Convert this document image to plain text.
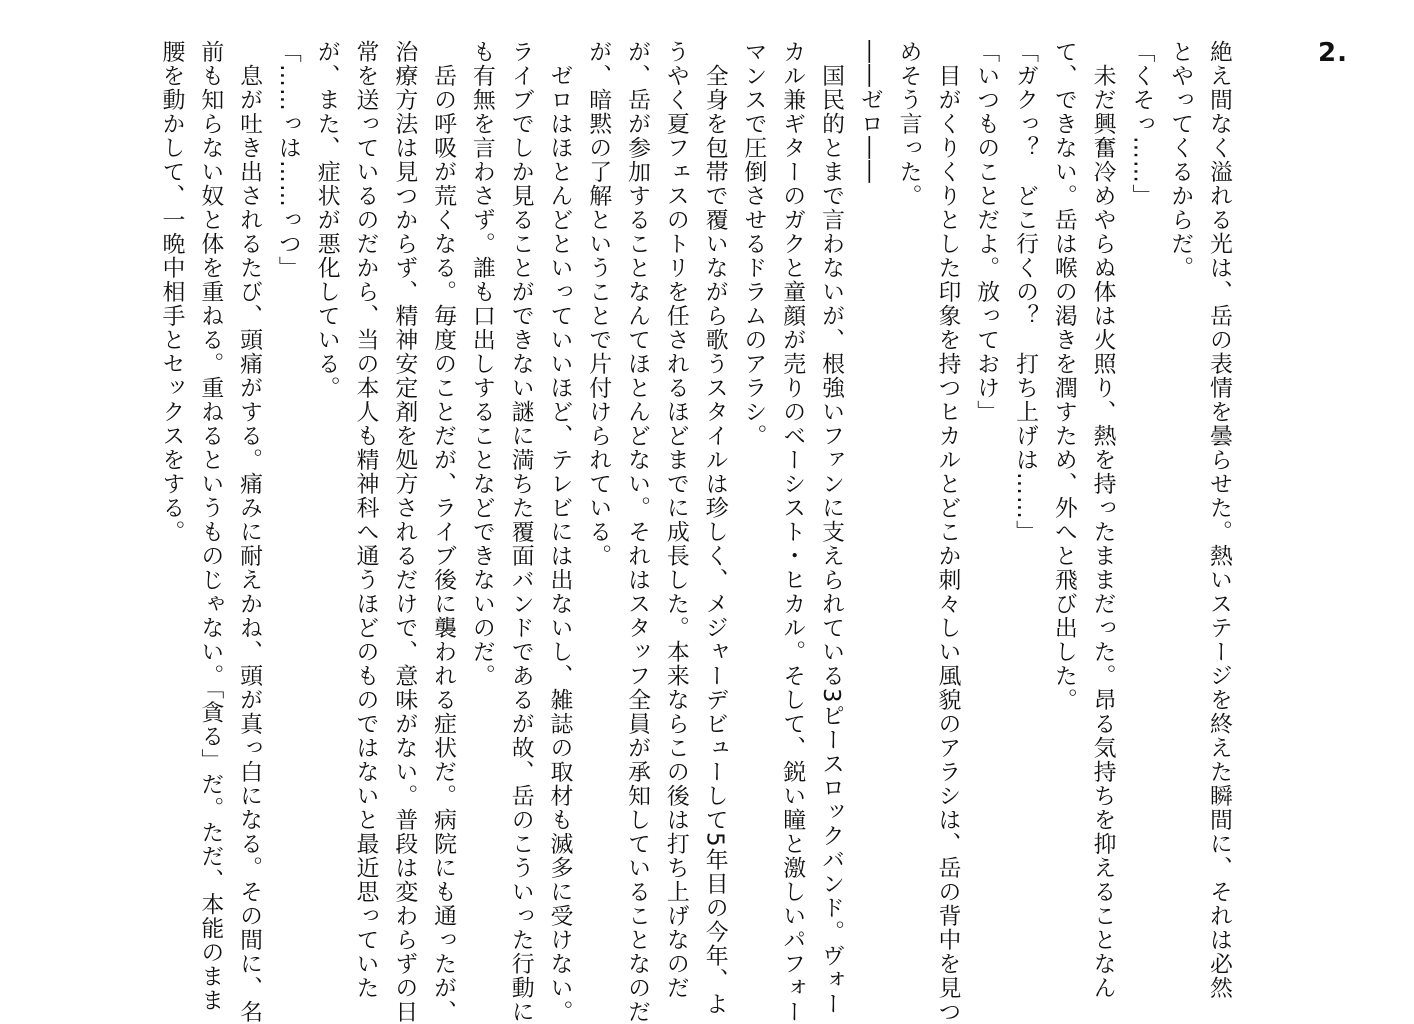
2.
絶え間なく溢れる光は、岳の表情を曇らせた。熱いステージを終えた瞬間に、それは必然
とやってくるからだ。
「くそっ……」
　未だ興奮冷めやらぬ体は火照り、熱を持ったままだった。昂る気持ちを抑えることなん
て、できない。岳は喉の渇きを潤すため、外へと飛び出した。
「ガクっ？　どこ行くの？　打ち上げは……」
「いつものことだよ。放っておけ」
　目がくりくりとした印象を持つヒカルとどこか刺々しい風貌のアラシは、岳の背中を見つ
めそう言った。
――ゼロ――
　国民的とまで言わないが、根強いファンに支えられている3ピースロックバンド。ヴォー
カル兼ギターのガクと童顔が売りのベーシスト・ヒカル。そして、鋭い瞳と激しいパフォー
マンスで圧倒させるドラムのアラシ。
　全身を包帯で覆いながら歌うスタイルは珍しく、メジャーデビューして5年目の今年、よ
うやく夏フェスのトリを任されるほどまでに成長した。本来ならこの後は打ち上げなのだ
が、岳が参加することなんてほとんどない。それはスタッフ全員が承知していることなのだ
が、暗黙の了解ということで片付けられている。
　ゼロはほとんどといっていいほど、テレビには出ないし、雑誌の取材も滅多に受けない。
ライブでしか見ることができない謎に満ちた覆面バンドであるが故、岳のこういった行動に
も有無を言わさず。誰も口出しすることなどできないのだ。
　岳の呼吸が荒くなる。毎度のことだが、ライブ後に襲われる症状だ。病院にも通ったが、
治療方法は見つからず、精神安定剤を処方されるだけで、意味がない。普段は変わらずの日
常を送っているのだから、当の本人も精神科へ通うほどのものではないと最近思っていた
が、また、症状が悪化している。
「……っは……っつ」
　息が吐き出されるたび、頭痛がする。痛みに耐えかね、頭が真っ白になる。その間に、名
前も知らない奴と体を重ねる。重ねるというものじゃない。「貪る」だ。ただ、本能のまま
腰を動かして、一晩中相手とセックスをする。
